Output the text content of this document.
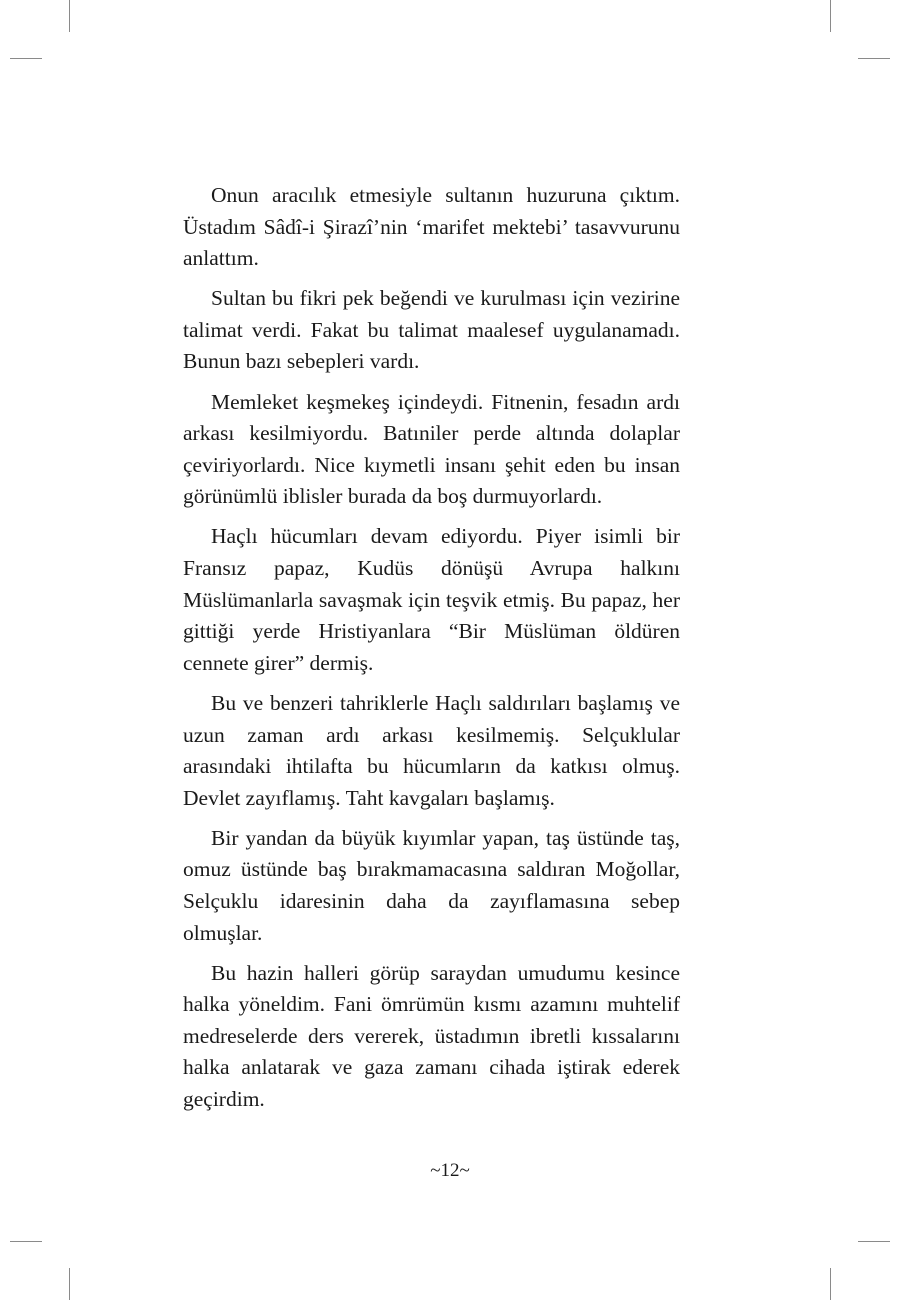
Onun aracılık etmesiyle sultanın huzuruna çıktım. Üstadım Sâdî-i Şirazî’nin ‘marifet mektebi’ tasavvurunu anlattım.

Sultan bu fikri pek beğendi ve kurulması için vezirine talimat verdi. Fakat bu talimat maalesef uygulanamadı. Bunun bazı sebepleri vardı.

Memleket keşmekeş içindeydi. Fitnenin, fesadın ardı arkası kesilmiyordu. Batıniler perde altında dolaplar çeviriyorlardı. Nice kıymetli insanı şehit eden bu insan görünümlü iblisler burada da boş durmuyorlardı.

Haçlı hücumları devam ediyordu. Piyer isimli bir Fransız papaz, Kudüs dönüşü Avrupa halkını Müslümanlarla savaşmak için teşvik etmiş. Bu papaz, her gittiği yerde Hristiyanlara “Bir Müslüman öldüren cennete girer” dermiş.

Bu ve benzeri tahriklerle Haçlı saldırıları başlamış ve uzun zaman ardı arkası kesilmemiş. Selçuklular arasındaki ihtilafta bu hücumların da katkısı olmuş. Devlet zayıflamış. Taht kavgaları başlamış.

Bir yandan da büyük kıyımlar yapan, taş üstünde taş, omuz üstünde baş bırakmamacasına saldıran Moğollar, Selçuklu idaresinin daha da zayıflamasına sebep olmuşlar.

Bu hazin halleri görüp saraydan umudumu kesince halka yöneldim. Fani ömrümün kısmı azamını muhtelif medreselerde ders vererek, üstadımın ibretli kıssalarını halka anlatarak ve gaza zamanı cihada iştirak ederek geçirdim.

~12~
